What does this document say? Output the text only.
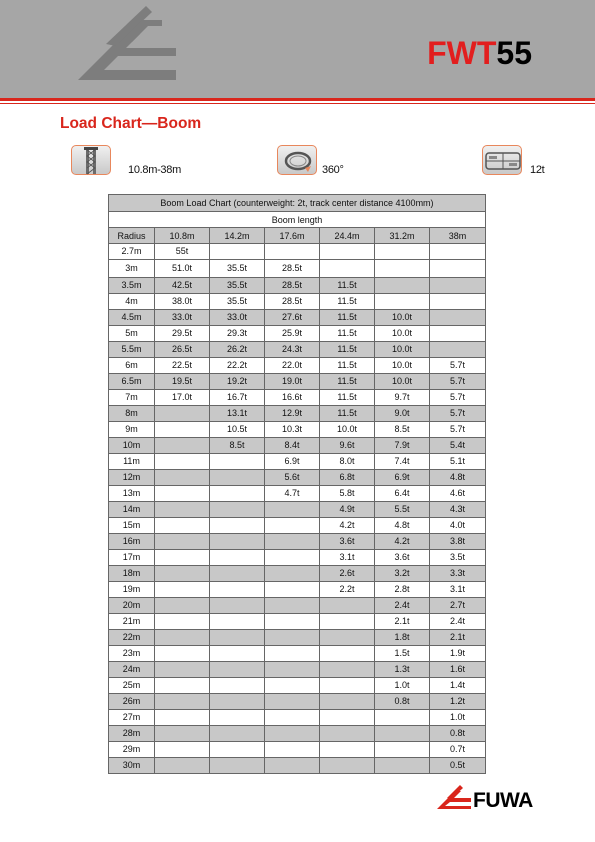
FWT55
Load Chart—Boom
10.8m-38m	360°	12t
Boom Load Chart (counterweight: 2t, track center distance 4100mm)						
Boom length						
Radius	10.8m	14.2m	17.6m	24.4m	31.2m	38m
2.7m	55t					
3m	51.0t	35.5t	28.5t			
3.5m	42.5t	35.5t	28.5t	11.5t		
4m	38.0t	35.5t	28.5t	11.5t		
4.5m	33.0t	33.0t	27.6t	11.5t	10.0t	
5m	29.5t	29.3t	25.9t	11.5t	10.0t	
5.5m	26.5t	26.2t	24.3t	11.5t	10.0t	
6m	22.5t	22.2t	22.0t	11.5t	10.0t	5.7t
6.5m	19.5t	19.2t	19.0t	11.5t	10.0t	5.7t
7m	17.0t	16.7t	16.6t	11.5t	9.7t	5.7t
8m		13.1t	12.9t	11.5t	9.0t	5.7t
9m		10.5t	10.3t	10.0t	8.5t	5.7t
10m		8.5t	8.4t	9.6t	7.9t	5.4t
11m			6.9t	8.0t	7.4t	5.1t
12m			5.6t	6.8t	6.9t	4.8t
13m			4.7t	5.8t	6.4t	4.6t
14m				4.9t	5.5t	4.3t
15m				4.2t	4.8t	4.0t
16m				3.6t	4.2t	3.8t
17m				3.1t	3.6t	3.5t
18m				2.6t	3.2t	3.3t
19m				2.2t	2.8t	3.1t
20m					2.4t	2.7t
21m					2.1t	2.4t
22m					1.8t	2.1t
23m					1.5t	1.9t
24m					1.3t	1.6t
25m					1.0t	1.4t
26m					0.8t	1.2t
27m						1.0t
28m						0.8t
29m						0.7t
30m						0.5t
FUWA
